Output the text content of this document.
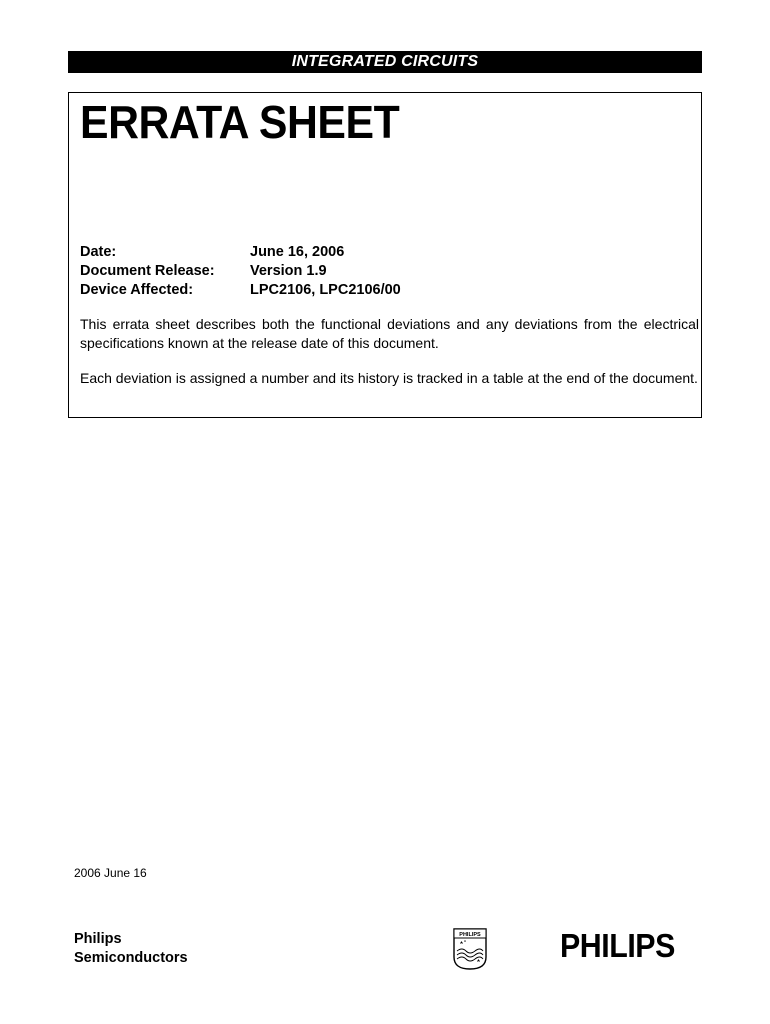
INTEGRATED CIRCUITS
ERRATA SHEET
Date:	June 16, 2006
Document Release: Version 1.9
Device Affected:	LPC2106, LPC2106/00

This errata sheet describes both the functional deviations and any deviations from the electrical specifications known at the release date of this document.

Each deviation is assigned a number and its history is tracked in a table at the end of the document.

2006 June 16
Philips
Semiconductors
PHILIPS PHILIPS
